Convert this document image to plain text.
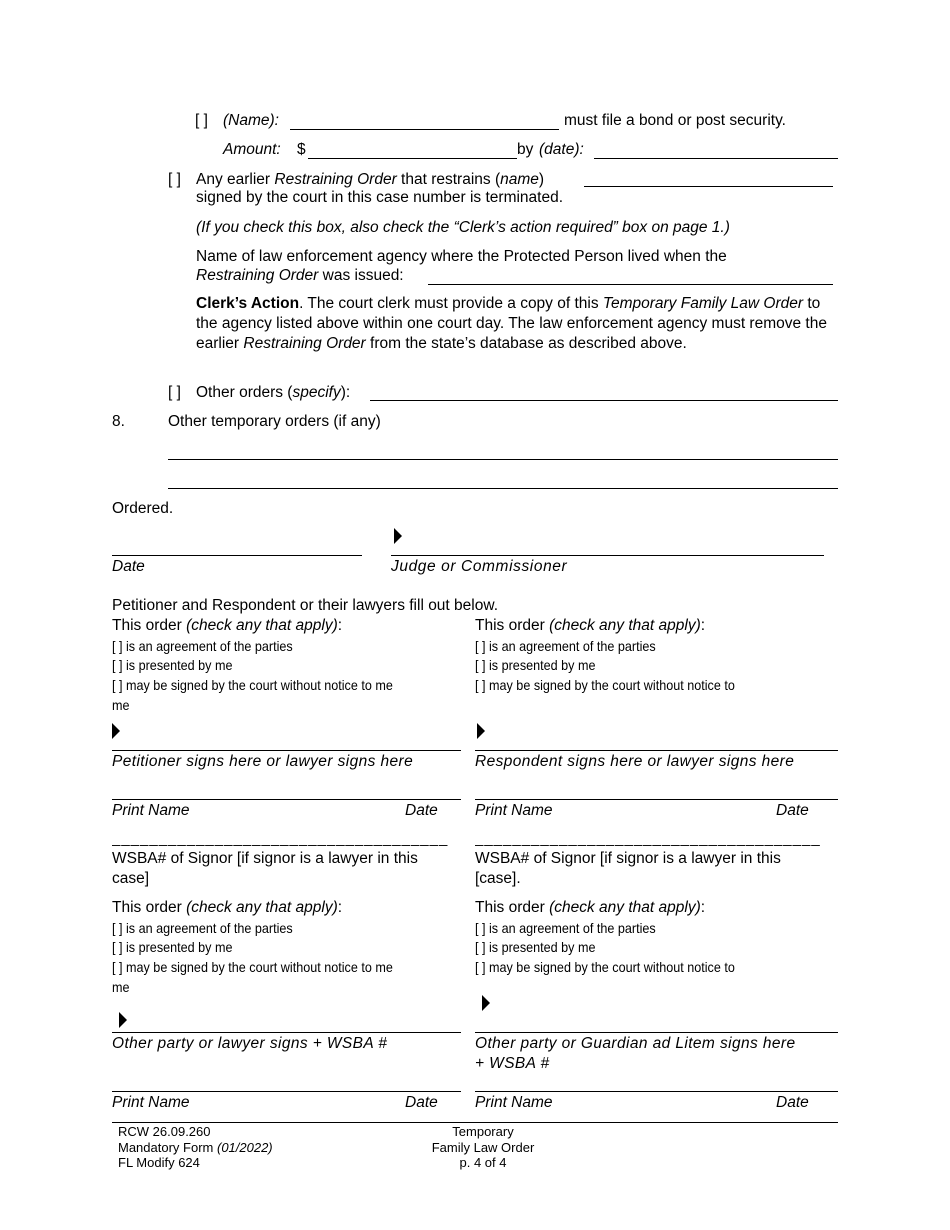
[ ] (Name):	must file a bond or post security.
Amount: $	by (date):
[ ] Any earlier Restraining Order that restrains (name)
signed by the court in this case number is terminated.
(If you check this box, also check the “Clerk’s action required” box on page 1.)
Name of law enforcement agency where the Protected Person lived when the
Restraining Order was issued:
Clerk’s Action. The court clerk must provide a copy of this Temporary Family Law Order to the agency listed above within one court day. The law enforcement agency must remove the earlier Restraining Order from the state’s database as described above.
[ ] Other orders (specify):
8.	Other temporary orders (if any)
Ordered.
Date	Judge or Commissioner
Petitioner and Respondent or their lawyers fill out below.
This order (check any that apply):
[ ] is an agreement of the parties
[ ] is presented by me
[ ] may be signed by the court without notice to me
me
This order (check any that apply):
[ ] is an agreement of the parties
[ ] is presented by me
[ ] may be signed by the court without notice to
Petitioner signs here or lawyer signs here	Respondent signs here or lawyer signs here
Print Name	Date Print Name	Date
____________________________________ _____________________________________
WSBA# of Signor [if signor is a lawyer in this
case]
WSBA# of Signor [if signor is a lawyer in this
[case].
This order (check any that apply):
[ ] is an agreement of the parties
[ ] is presented by me
[ ] may be signed by the court without notice to me
me
This order (check any that apply):
[ ] is an agreement of the parties
[ ] is presented by me
[ ] may be signed by the court without notice to
Other party or lawyer signs + WSBA #	Other party or Guardian ad Litem signs here
+ WSBA #
Print Name	Date Print Name	Date
RCW 26.09.260
Mandatory Form (01/2022)
FL Modify 624
Temporary
Family Law Order
p. 4 of 4
